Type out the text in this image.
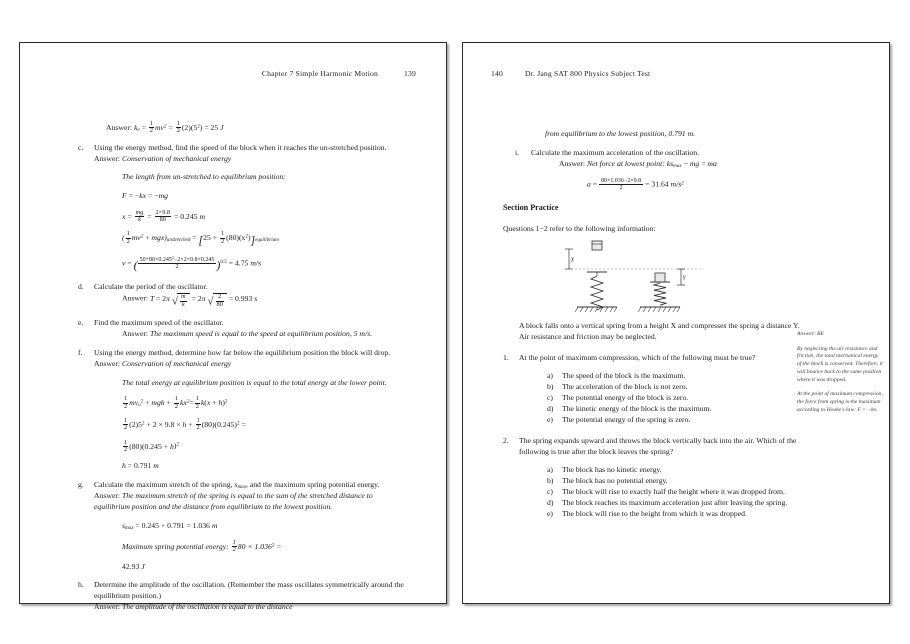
Chapter 7 Simple Harmonic Motion	139
Answer: $k_e = \frac{1}{2} mv^2 = \frac{1}{2} (2)(5^2) = 25$ J
c.	Using the energy method, find the speed of the block when it reaches the un-stretched position.

Answer: Conservation of mechanical energy

The length from un-stretched to equilibrium position:

F = −kx = −mg

$x = \frac{mg}{k} = \frac{2\times 9.8}{80} = 0.245$ m

( $\frac{1}{2} mv^2 + mgx)_{unstretched} = [25 + \frac{1}{2} (80)(x^2)]_{equilibrium}$

v = ( $\frac{50+80\times 0.245^2-2\times 2\times 9.8\times 0.245}{2} )^{0.5} = 4.75$ m/s

d.	Calculate the period of the oscillator.

Answer: T = 2π √ $\frac{m}{k} = 2\pi$ √ $\frac{2}{80} = 0.993$ s

e.	Find the maximum speed of the oscillator.

Answer: The maximum speed is equal to the speed at equilibrium position, 5 m/s.

f.	Using the energy method, determine how far below the equilibrium position the block will drop.

Answer: Conservation of mechanical energy

The total energy at equilibrium position is equal to the total energy at the lower point.

$\frac{1}{2} mv_o^2$ + mgh + $\frac{1}{2} kx^2= \frac{1}{2} k(x + h)^2$

$\frac{1}{2} (2)5^2 + 2 \times 9.8 \times h + \frac{1}{2} (80)(0.245)^2$ =

$\frac{1}{2} (80)(0.245 + h)^2$

h = 0.791 m

g.	Calculate the maximum stretch of the spring, $s_{max}$, and the maximum spring potential energy.

Answer: The maximum stretch of the spring is equal to the sum of the stretched distance to equilibrium position and the distance from equilibrium to the lowest position.

$s_{max} = 0.245 + 0.791 = 1.036$ m

Maximum spring potential energy: $\frac{1}{2} 80 \times 1.036^2$ =

42.93 J

h.	Determine the amplitude of the oscillation. (Remember the mass oscillates symmetrically around the equilibrium position.)

Answer: The amplitude of the oscillation is equal to the distance

140	Dr. Jang SAT 800 Physics Subject Test

from equilibrium to the lowest position, 0.791 m.

i.	Calculate the maximum acceleration of the oscillation.

Answer: Net force at lowest point: $ks_{max}$ − mg = ma

$a = \frac{80\times 1.036-2\times 9.8}{2} = 31.64$ $m/s^2$

Section Practice

Questions 1−2 refer to the following information:

X
Y

A block falls onto a vertical spring from a height X and compresses the spring a distance Y. Air resistance and friction may be neglected.

1.	At the point of maximum compression, which of the following must be true?

a) The speed of the block is the maximum.

b) The acceleration of the block is not zero.

c) The potential energy of the block is zero.

d) The kinetic energy of the block is the maximum.

e) The potential energy of the spring is zero.

2.	The spring expands upward and throws the block vertically back into the air. Which of the following is true after the block leaves the spring?

a) The block has no kinetic energy.

b) The block has no potential energy.

c) The block will rise to exactly half the height where it was dropped from.

d) The block reaches its maximum acceleration just after leaving the spring.

e) The block will rise to the height from which it was dropped.

Answer: BE

By neglecting the air resistance and friction, the total mechanical energy of the block is conserved. Therefore, it will bounce back to the same position where it was dropped.

At the point of maximum compression, the force from spring is the maximum according to Hooke's law: F = −kx.
